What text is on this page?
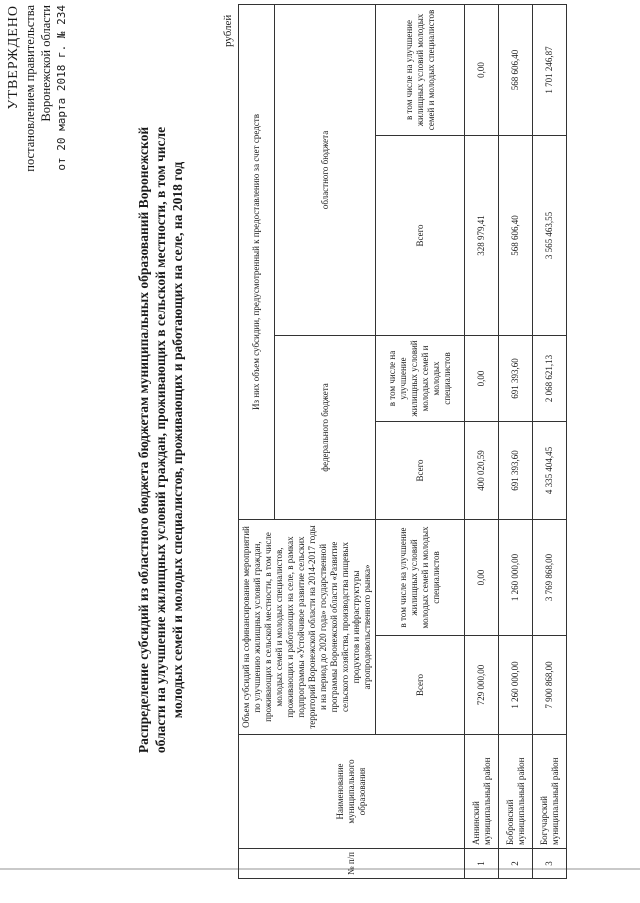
УТВЕРЖДЕНО постановлением правительства Воронежской области от 20 марта 2018 г. № 234
Распределение субсидий из областного бюджета бюджетам муниципальных образований Воронежской области на улучшение жилищных условий граждан, проживающих в сельской местности, в том числе молодых семей и молодых специалистов, проживающих и работающих на селе, на 2018 год
рублей
№ п/п	Наименование муниципального образования	Объем субсидий на софинансирование мероприятий по улучшению жилищных условий граждан, проживающих в сельской местности, в том числе молодых семей и молодых специалистов, проживающих и работающих на селе, в рамках подпрограммы «Устойчивое развитие сельских территорий Воронежской области на 2014-2017 годы и на период до 2020 года» государственной программы Воронежской области «Развитие сельского хозяйства, производства пищевых продуктов и инфраструктуры агропродовольственного рынка»		Из них объем субсидии, предусмотренный к предоставлению за счет средств			
				федерального бюджета		областного бюджета	
		Всего	в том числе на улучшение жилищных условий молодых семей и молодых специалистов	Всего	в том числе на улучшение жилищных условий молодых семей и молодых специалистов	Всего	в том числе на улучшение жилищных условий молодых семей и молодых специалистов
1	Аннинский муниципальный район	729 000,00	0,00	400 020,59	0,00	328 979,41	0,00
2	Бобровский муниципальный район	1 260 000,00	1 260 000,00	691 393,60	691 393,60	568 606,40	568 606,40
3	Богучарский муниципальный район	7 900 868,00	3 769 868,00	4 335 404,45	2 068 621,13	3 565 463,55	1 701 246,87
